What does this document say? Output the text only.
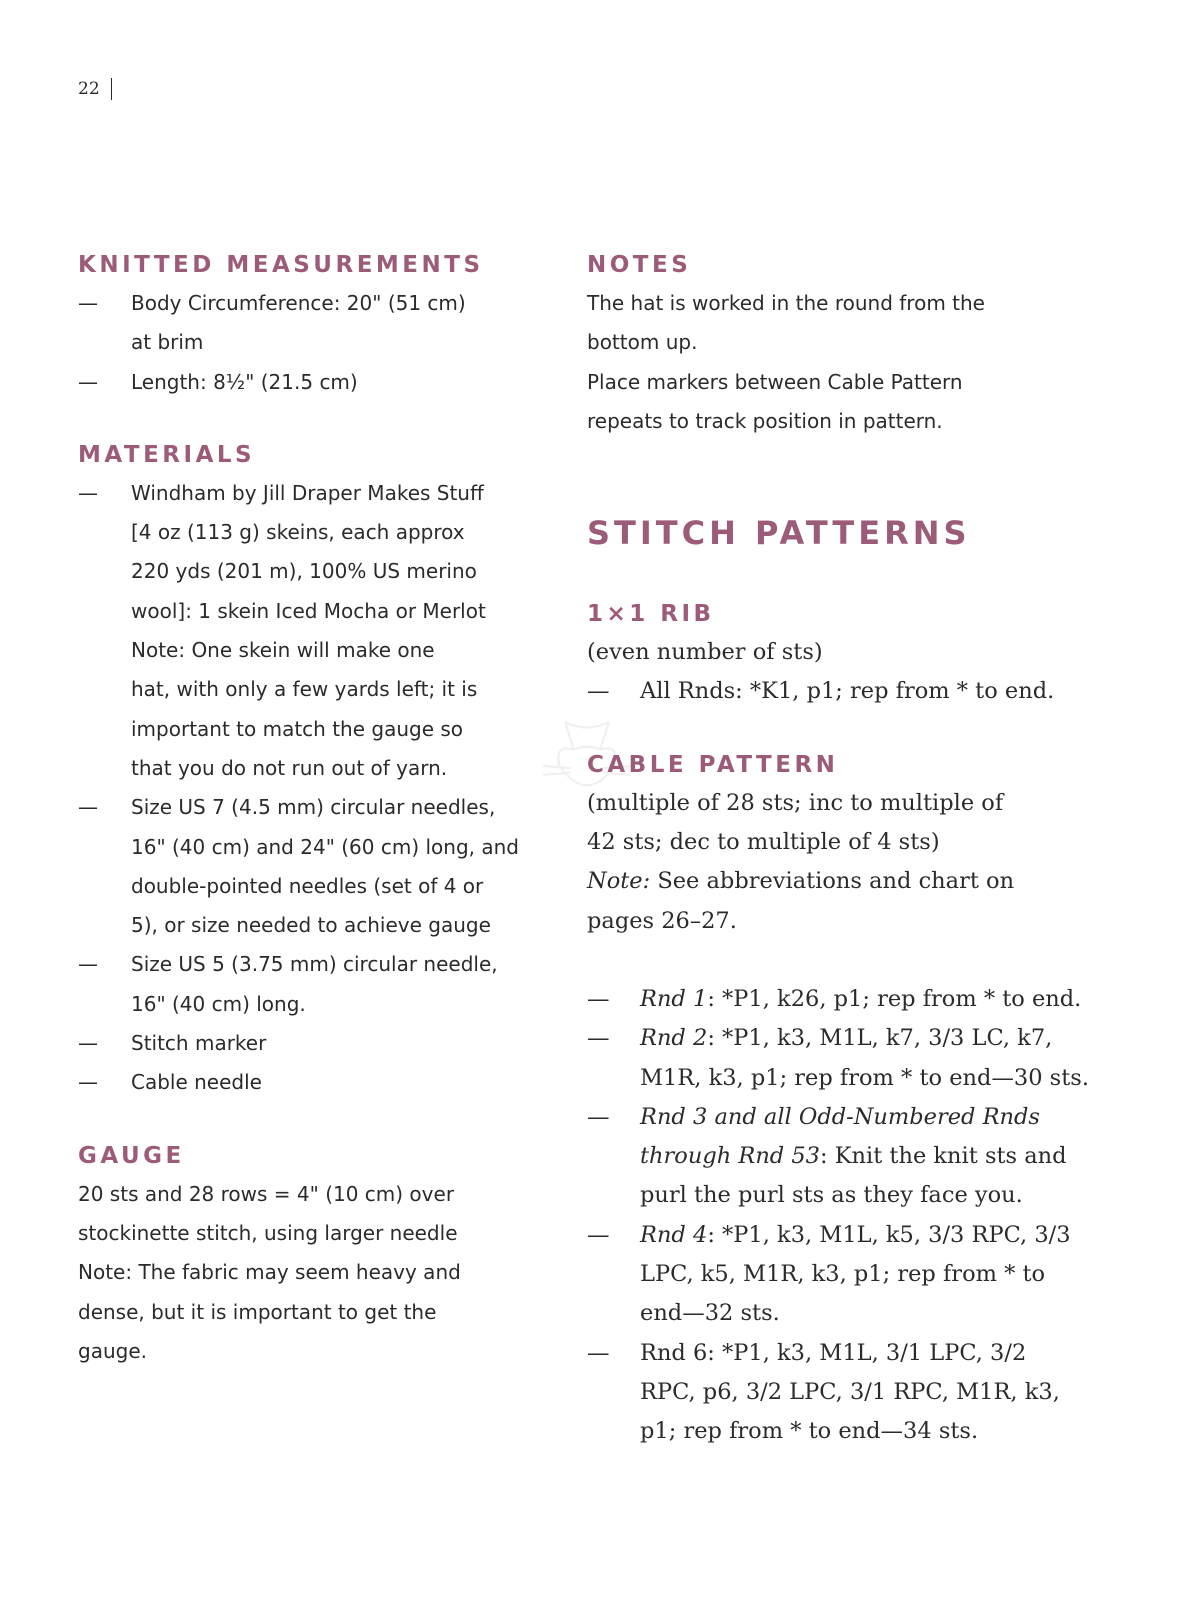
22
KNITTED MEASUREMENTS
— Body Circumference: 20" (51 cm)
at brim
— Length: 8½" (21.5 cm)
MATERIALS
— Windham by Jill Draper Makes Stuff
[4 oz (113 g) skeins, each approx
220 yds (201 m), 100% US merino
wool]: 1 skein Iced Mocha or Merlot
Note: One skein will make one
hat, with only a few yards left; it is
important to match the gauge so
that you do not run out of yarn.
— Size US 7 (4.5 mm) circular needles,
16" (40 cm) and 24" (60 cm) long, and
double-pointed needles (set of 4 or
5), or size needed to achieve gauge
— Size US 5 (3.75 mm) circular needle,
16" (40 cm) long.
— Stitch marker
— Cable needle
GAUGE

20 sts and 28 rows = 4" (10 cm) over
stockinette stitch, using larger needle
Note: The fabric may seem heavy and
dense, but it is important to get the
gauge.

NOTES

The hat is worked in the round from the
bottom up.
Place markers between Cable Pattern
repeats to track position in pattern.

STITCH PATTERNS
1×1 RIB

(even number of sts)

— All Rnds: *K1, p1; rep from * to end.
CABLE PATTERN

(multiple of 28 sts; inc to multiple of
42 sts; dec to multiple of 4 sts)
Note: See abbreviations and chart on
pages 26–27.

— Rnd 1: *P1, k26, p1; rep from * to end.
— Rnd 2: *P1, k3, M1L, k7, 3/3 LC, k7,
M1R, k3, p1; rep from * to end—30 sts.
— Rnd 3 and all Odd-Numbered Rnds
through Rnd 53: Knit the knit sts and
purl the purl sts as they face you.
— Rnd 4: *P1, k3, M1L, k5, 3/3 RPC, 3/3
LPC, k5, M1R, k3, p1; rep from * to
end—32 sts.
— Rnd 6: *P1, k3, M1L, 3/1 LPC, 3/2
RPC, p6, 3/2 LPC, 3/1 RPC, M1R, k3,
p1; rep from * to end—34 sts.
